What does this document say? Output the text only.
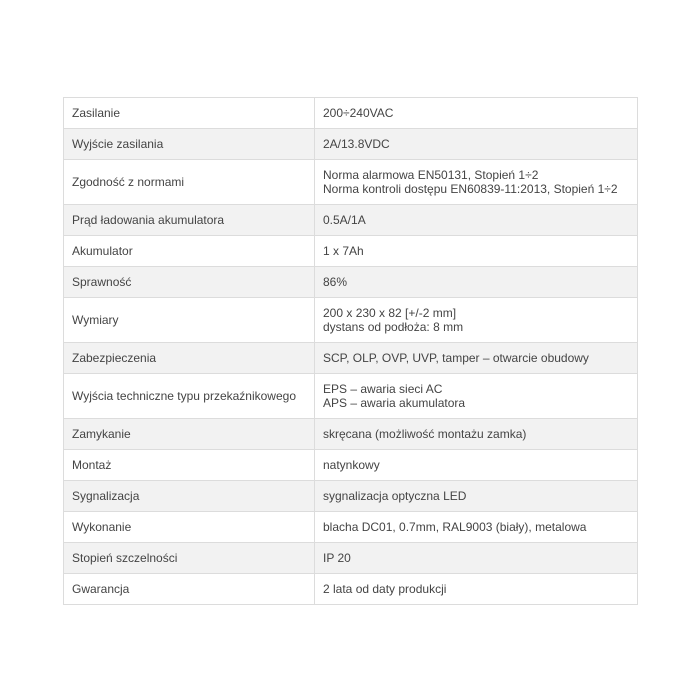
Zasilanie	200÷240VAC

Wyjście zasilania	2A/13.8VDC

Zgodność z normami	Norma alarmowa EN50131, Stopień 1÷2
Norma kontroli dostępu EN60839-11:2013, Stopień 1÷2

Prąd ładowania akumulatora	0.5A/1A

Akumulator	1 x 7Ah

Sprawność	86%

Wymiary	200 x 230 x 82 [+/-2 mm]
dystans od podłoża: 8 mm

Zabezpieczenia	SCP, OLP, OVP, UVP, tamper – otwarcie obudowy

Wyjścia techniczne typu przekaźnikowego	EPS – awaria sieci AC
APS – awaria akumulatora

Zamykanie	skręcana (możliwość montażu zamka)

Montaż	natynkowy

Sygnalizacja	sygnalizacja optyczna LED

Wykonanie	blacha DC01, 0.7mm, RAL9003 (biały), metalowa

Stopień szczelności	IP 20

Gwarancja	2 lata od daty produkcji
